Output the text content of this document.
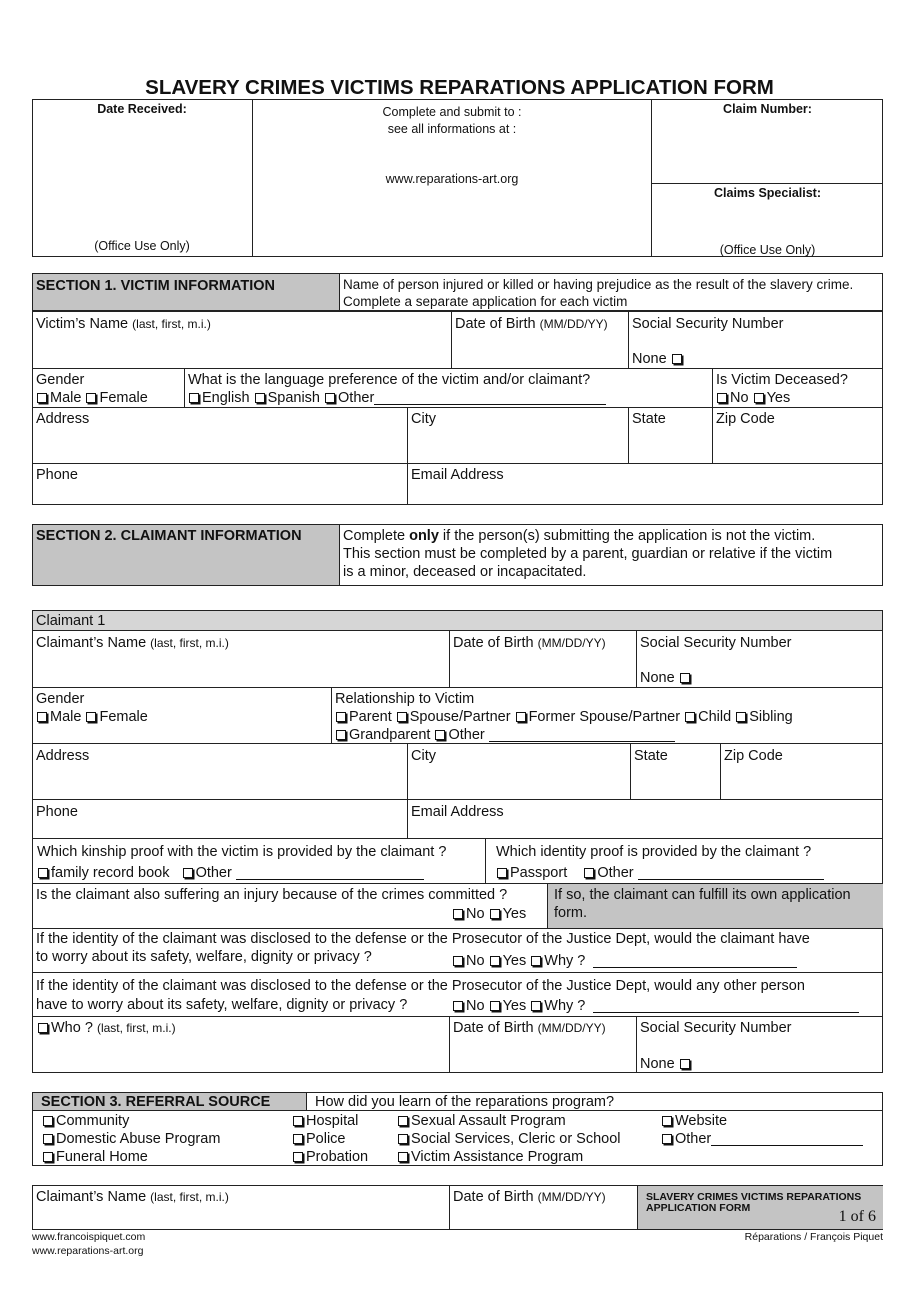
SLAVERY CRIMES VICTIMS REPARATIONS APPLICATION FORM
Date Received:
(Office Use Only)
Complete and submit to :
see all informations at :
www.reparations-art.org
Claim Number:
Claims Specialist:
(Office Use Only)
SECTION 1. VICTIM INFORMATION	Name of person injured or killed or having prejudice as the result of the slavery crime.
Complete a separate application for each victim
Victim’s Name (last, first, m.i.)	Date of Birth (MM/DD/YY) Social Security Number
None
Gender
Male Female
What is the language preference of the victim and/or claimant?
English Spanish Other
Is Victim Deceased?
No Yes
Address	City	State	Zip Code
Phone	Email Address
SECTION 2. CLAIMANT INFORMATION	Complete only if the person(s) submitting the application is not the victim.
This section must be completed by a parent, guardian or relative if the victim
is a minor, deceased or incapacitated.
Claimant 1
Claimant’s Name (last, first, m.i.)	Date of Birth (MM/DD/YY) Social Security Number
None
Gender
Male Female
Relationship to Victim
Parent Spouse/Partner Former Spouse/Partner Child Sibling
Grandparent Other
Address	City	State	Zip Code
Phone	Email Address
Which kinship proof with the victim is provided by the claimant ?
family record book Other
Which identity proof is provided by the claimant ?
Passport Other
Is the claimant also suffering an injury because of the crimes committed ?
No Yes
If so, the claimant can fulfill its own application
form.
If the identity of the claimant was disclosed to the defense or the Prosecutor of the Justice Dept, would the claimant have
to worry about its safety, welfare, dignity or privacy ?	No Yes Why ?
If the identity of the claimant was disclosed to the defense or the Prosecutor of the Justice Dept, would any other person
have to worry about its safety, welfare, dignity or privacy ?	No Yes Why ?
Who ? (last, first, m.i.)	Date of Birth (MM/DD/YY) Social Security Number
None
SECTION 3. REFERRAL SOURCE	How did you learn of the reparations program?
Community
Domestic Abuse Program
Funeral Home
Hospital
Police
Probation
Sexual Assault Program
Social Services, Cleric or School
Victim Assistance Program
Website
Other
Claimant’s Name (last, first, m.i.)	Date of Birth (MM/DD/YY)	SLAVERY CRIMES VICTIMS REPARATIONS
APPLICATION FORM	1 of 6
www.francoispiquet.com
www.reparations-art.org
Réparations / François Piquet
